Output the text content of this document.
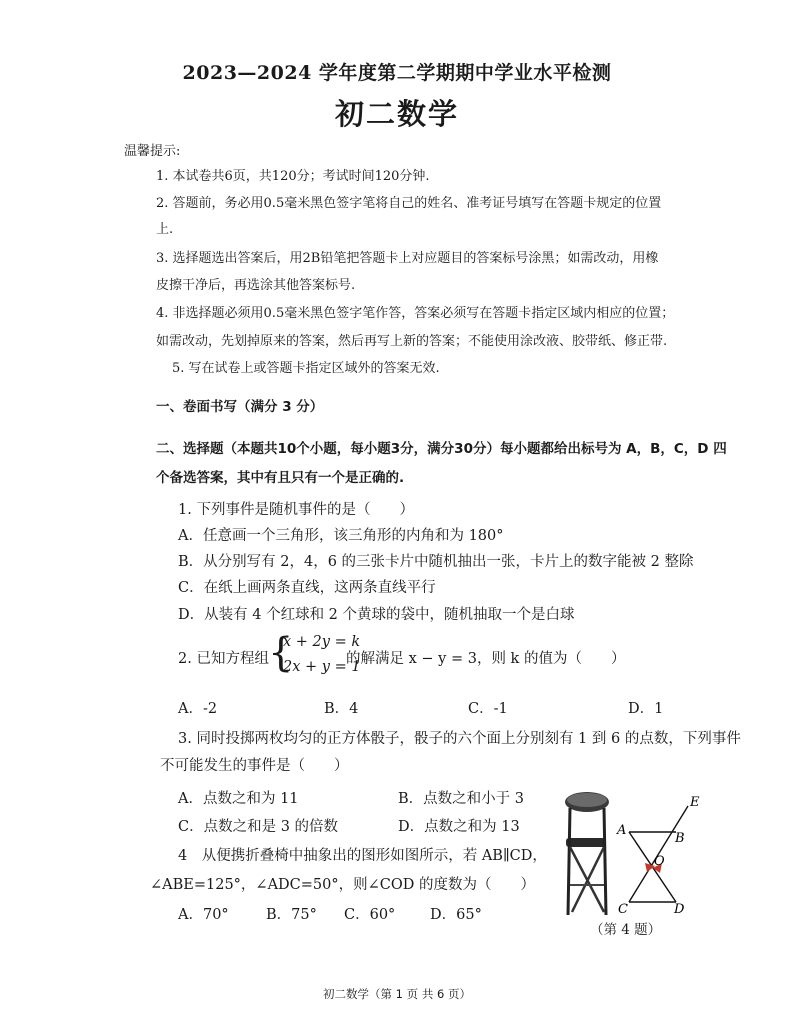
2023—2024 学年度第二学期期中学业水平检测
初二数学
温馨提示:
1. 本试卷共6页，共120分；考试时间120分钟.
2. 答题前，务必用0.5毫米黑色签字笔将自己的姓名、准考证号填写在答题卡规定的位置
上.
3. 选择题选出答案后，用2B铅笔把答题卡上对应题目的答案标号涂黑；如需改动，用橡
皮擦干净后，再选涂其他答案标号.
4. 非选择题必须用0.5毫米黑色签字笔作答，答案必须写在答题卡指定区域内相应的位置；
如需改动，先划掉原来的答案，然后再写上新的答案；不能使用涂改液、胶带纸、修正带.
5. 写在试卷上或答题卡指定区域外的答案无效.
一、卷面书写（满分 3 分）
二、选择题（本题共10个小题，每小题3分，满分30分）每小题都给出标号为 A，B，C，D 四
个备选答案，其中有且只有一个是正确的.
1. 下列事件是随机事件的是（　　）
A．任意画一个三角形，该三角形的内角和为 180°
B．从分别写有 2，4，6 的三张卡片中随机抽出一张，卡片上的数字能被 2 整除
C．在纸上画两条直线，这两条直线平行
D．从装有 4 个红球和 2 个黄球的袋中，随机抽取一个是白球
2. 已知方程组 {
x + 2y = k
2x + y = 1
的解满足 x − y = 3，则 k 的值为（　　）
A．-2	B．4	C．-1	D．1
3. 同时投掷两枚均匀的正方体骰子，骰子的六个面上分别刻有 1 到 6 的点数，下列事件
不可能发生的事件是（　　）
A．点数之和为 11	B．点数之和小于 3
C．点数之和是 3 的倍数	D．点数之和为 13
4　从便携折叠椅中抽象出的图形如图所示，若 AB∥CD，
∠ABE=125°，∠ADC=50°，则∠COD 的度数为（　　）
A．70°	B．75° C．60° D．65°
E
A
B
O
C	D
（第 4 题）
初二数学（第 1 页 共 6 页）
